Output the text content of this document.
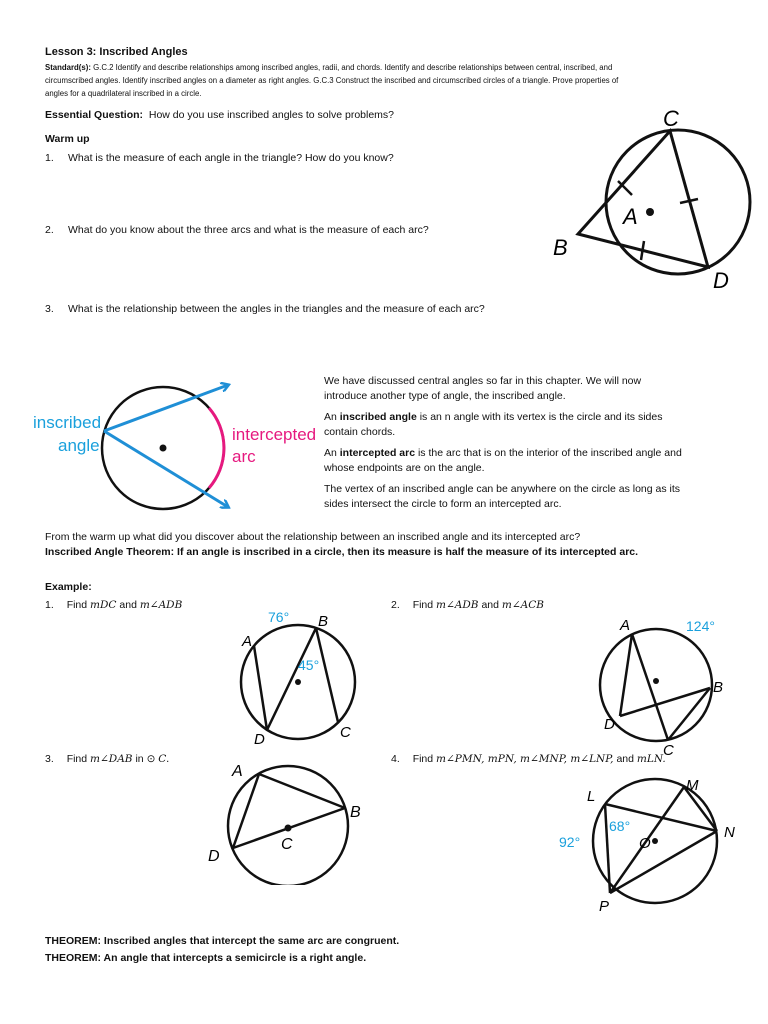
Lesson 3: Inscribed Angles
Standard(s): G.C.2 Identify and describe relationships among inscribed angles, radii, and chords. Identify and describe relationships between central, inscribed, and
circumscribed angles. Identify inscribed angles on a diameter as right angles. G.C.3 Construct the inscribed and circumscribed circles of a triangle. Prove properties of
angles for a quadrilateral inscribed in a circle.
Essential Question: How do you use inscribed angles to solve problems?
Warm up
1. What is the measure of each angle in the triangle? How do you know?
2. What do you know about the three arcs and what is the measure of each arc?
3. What is the relationship between the angles in the triangles and the measure of each arc?
C
A
B
D
inscribed
angle
intercepted
arc
We have discussed central angles so far in this chapter. We will now
introduce another type of angle, the inscribed angle.
An inscribed angle is an n angle with its vertex is the circle and its sides
contain chords.
An intercepted arc is the arc that is on the interior of the inscribed angle and
whose endpoints are on the angle.
The vertex of an inscribed angle can be anywhere on the circle as long as its
sides intersect the circle to form an intercepted arc.
From the warm up what did you discover about the relationship between an inscribed angle and its intercepted arc?
Inscribed Angle Theorem: If an angle is inscribed in a circle, then its measure is half the measure of its intercepted arc.
Example:
1. Find mDC and m∠ADB	2. Find m∠ADB and m∠ACB
76°
45°
A
B
C
D
124°
A
B
C
D
3. Find m∠DAB in ⊙ C.	4. Find m∠PMN, mPN, m∠MNP, m∠LNP, and mLN.
A
B
C
D
68°
92°
L
M
N
O
P
THEOREM: Inscribed angles that intercept the same arc are congruent.
THEOREM: An angle that intercepts a semicircle is a right angle.
